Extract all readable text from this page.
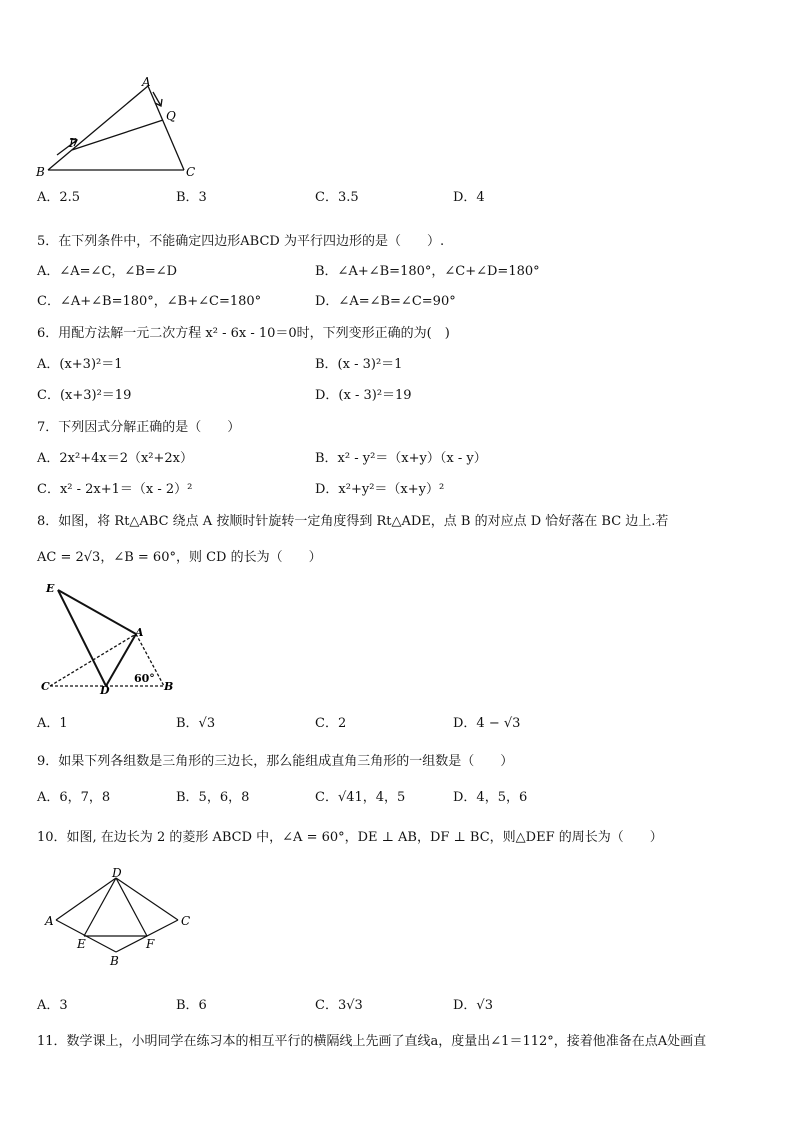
A
Q
P
B	C
A．2.5	B．3	C．3.5	D．4
5．在下列条件中，不能确定四边形ABCD 为平行四边形的是（　　）.
A．∠A=∠C，∠B=∠D	B．∠A+∠B=180°，∠C+∠D=180°
C．∠A+∠B=180°，∠B+∠C=180°	D．∠A=∠B=∠C=90°
6．用配方法解一元二次方程 x² - 6x - 10＝0时，下列变形正确的为(　)
A．(x+3)²＝1	B．(x - 3)²＝1
C．(x+3)²＝19	D．(x - 3)²＝19
7．下列因式分解正确的是（　　）
A．2x²+4x＝2（x²+2x）	B．x² - y²＝（x+y）（x - y）
C．x² - 2x+1＝（x - 2）²	D．x²+y²＝（x+y）²
8．如图，将 Rt△ABC 绕点 A 按顺时针旋转一定角度得到 Rt△ADE，点 B 的对应点 D 恰好落在 BC 边上.若
AC = 2√3，∠B = 60°，则 CD 的长为（　　）
E
A
C	D
60°
B
A．1	B．√3	C．2	D．4 − √3
9．如果下列各组数是三角形的三边长，那么能组成直角三角形的一组数是（　　）
A．6，7，8	B．5，6，8	C．√41，4，5	D．4，5，6
10．如图, 在边长为 2 的菱形 ABCD 中，∠A = 60°，DE ⊥ AB，DF ⊥ BC，则△DEF 的周长为（　　）
D
A	C
E	F
B
A．3	B．6	C．3√3	D．√3
11．数学课上，小明同学在练习本的相互平行的横隔线上先画了直线a，度量出∠1＝112°，接着他准备在点A处画直
